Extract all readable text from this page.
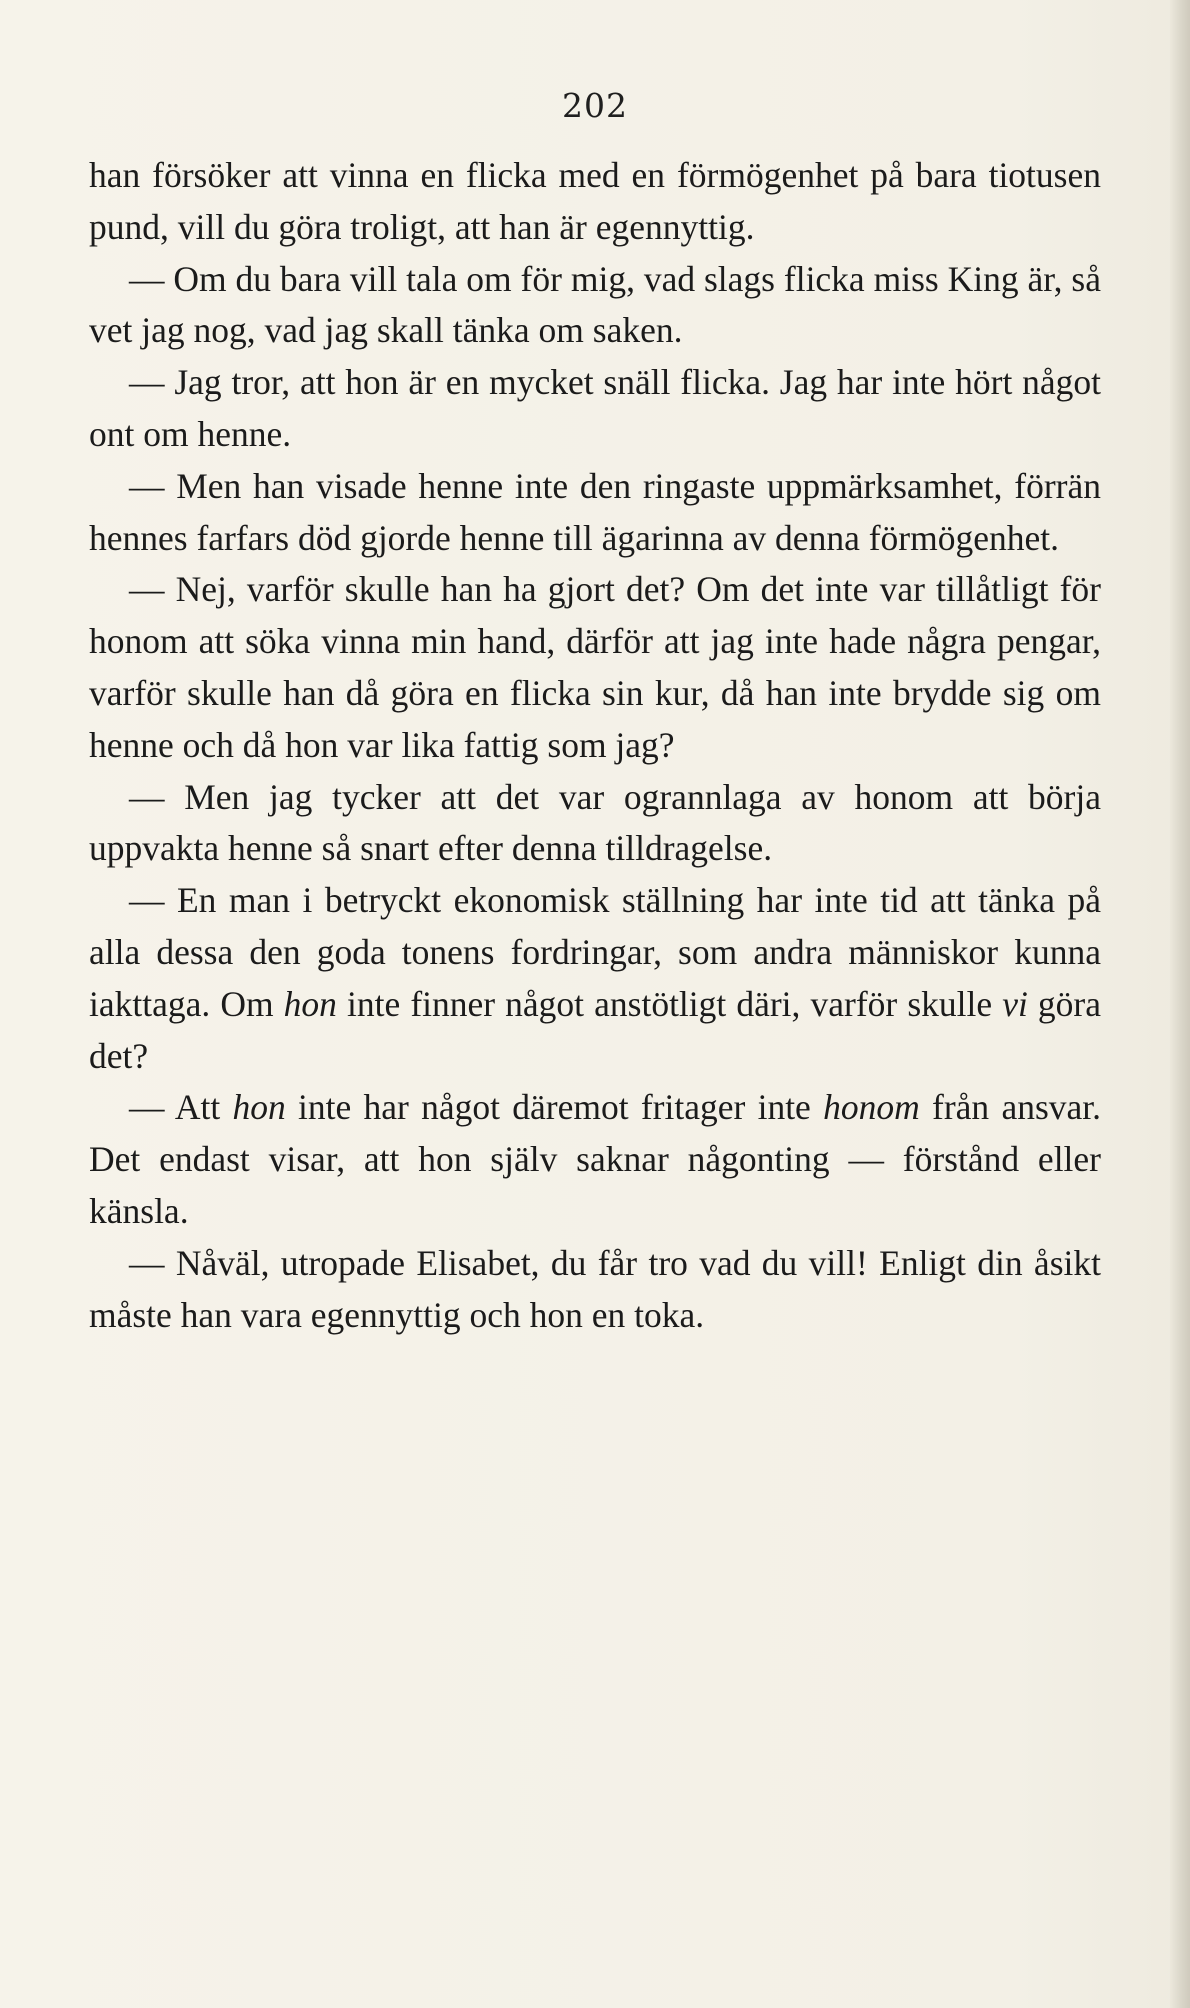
202

han försöker att vinna en flicka med en förmögenhet på bara tiotusen pund, vill du göra troligt, att han är egennyttig.

— Om du bara vill tala om för mig, vad slags flicka miss King är, så vet jag nog, vad jag skall tänka om saken.

— Jag tror, att hon är en mycket snäll flicka. Jag har inte hört något ont om henne.

— Men han visade henne inte den ringaste uppmärksamhet, förrän hennes farfars död gjorde henne till ägarinna av denna förmögenhet.

— Nej, varför skulle han ha gjort det? Om det inte var tillåtligt för honom att söka vinna min hand, därför att jag inte hade några pengar, varför skulle han då göra en flicka sin kur, då han inte brydde sig om henne och då hon var lika fattig som jag?

— Men jag tycker att det var ogrannlaga av honom att börja uppvakta henne så snart efter denna tilldragelse.

— En man i betryckt ekonomisk ställning har inte tid att tänka på alla dessa den goda tonens fordringar, som andra människor kunna iakttaga. Om hon inte finner något anstötligt däri, varför skulle vi göra det?

— Att hon inte har något däremot fritager inte honom från ansvar. Det endast visar, att hon själv saknar någonting — förstånd eller känsla.

— Nåväl, utropade Elisabet, du får tro vad du vill! Enligt din åsikt måste han vara egennyttig och hon en toka.
